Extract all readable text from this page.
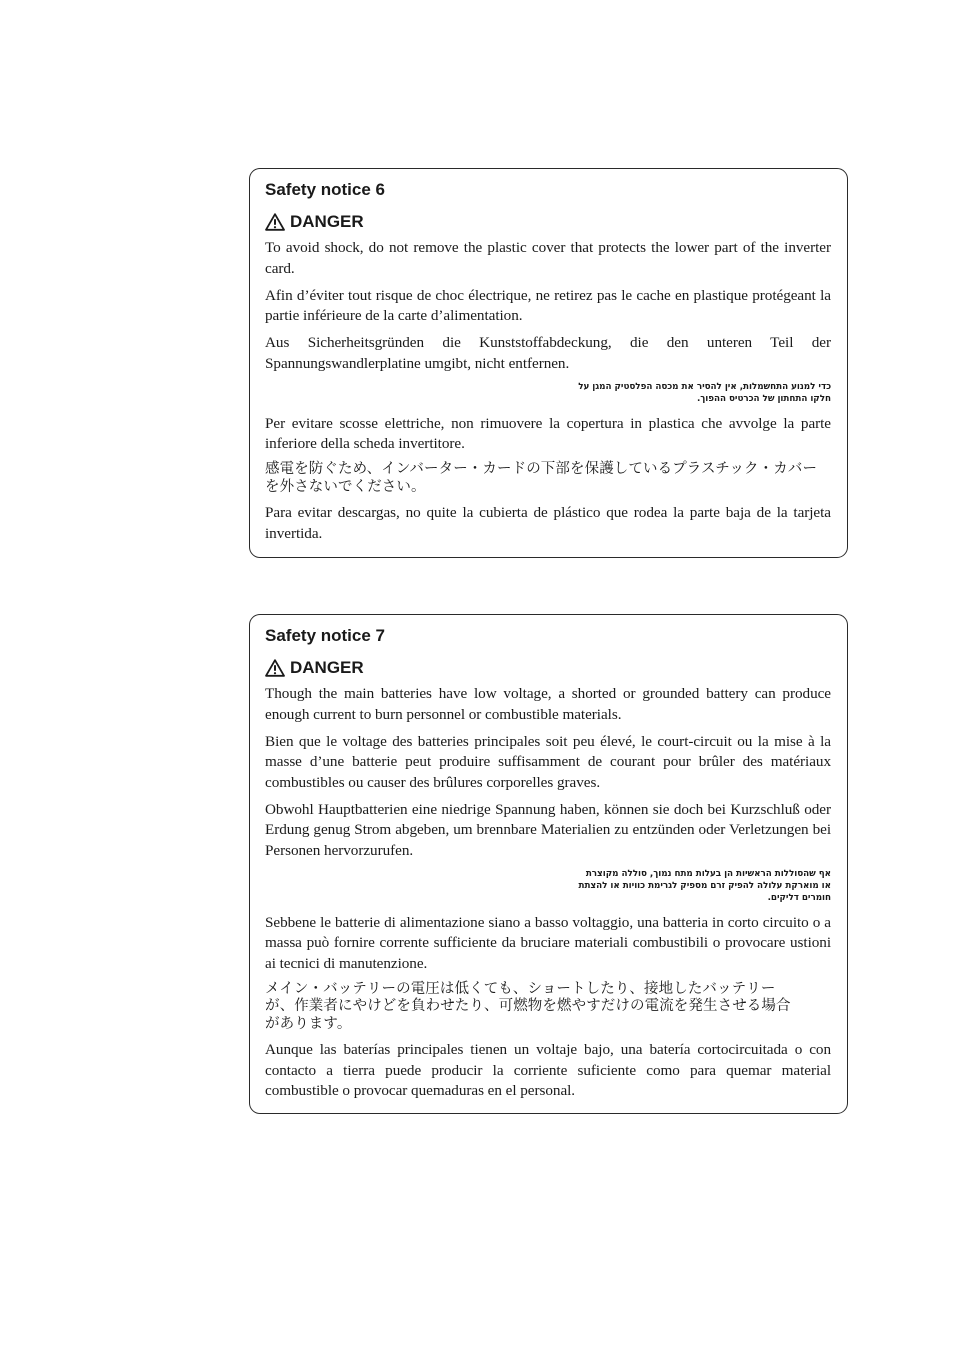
Safety notice 6
DANGER

To avoid shock, do not remove the plastic cover that protects the lower part of the inverter card.

Afin d’éviter tout risque de choc électrique, ne retirez pas le cache en plastique protégeant la partie inférieure de la carte d’alimentation.

Aus Sicherheitsgründen die Kunststoffabdeckung, die den unteren Teil der Spannungswandlerplatine umgibt, nicht entfernen.

כדי למנוע התחשמלות, אין להסיר את מכסה הפלסטיק המגן על חלקו התחתון של הכרטיס ההפוך.

Per evitare scosse elettriche, non rimuovere la copertura in plastica che avvolge la parte inferiore della scheda invertitore.

感電を防ぐため、インバーター・カードの下部を保護しているプラスチック・カバーを外さないでください。

Para evitar descargas, no quite la cubierta de plástico que rodea la parte baja de la tarjeta invertida.

Safety notice 7
DANGER

Though the main batteries have low voltage, a shorted or grounded battery can produce enough current to burn personnel or combustible materials.

Bien que le voltage des batteries principales soit peu élevé, le court-circuit ou la mise à la masse d’une batterie peut produire suffisamment de courant pour brûler des matériaux combustibles ou causer des brûlures corporelles graves.

Obwohl Hauptbatterien eine niedrige Spannung haben, können sie doch bei Kurzschluß oder Erdung genug Strom abgeben, um brennbare Materialien zu entzünden oder Verletzungen bei Personen hervorzurufen.

אף שהסוללות הראשיות הן בעלות מתח נמוך, סוללה מקוצרת או מוארקת עלולה להפיק זרם מספיק לגרימת כוויות או להצתת חומרים דליקים.

Sebbene le batterie di alimentazione siano a basso voltaggio, una batteria in corto circuito o a massa può fornire corrente sufficiente da bruciare materiali combustibili o provocare ustioni ai tecnici di manutenzione.

メイン・バッテリーの電圧は低くても、ショートしたり、接地したバッテリーが、作業者にやけどを負わせたり、可燃物を燃やすだけの電流を発生させる場合があります。

Aunque las baterías principales tienen un voltaje bajo, una batería cortocircuitada o con contacto a tierra puede producir la corriente suficiente como para quemar material combustible o provocar quemaduras en el personal.
